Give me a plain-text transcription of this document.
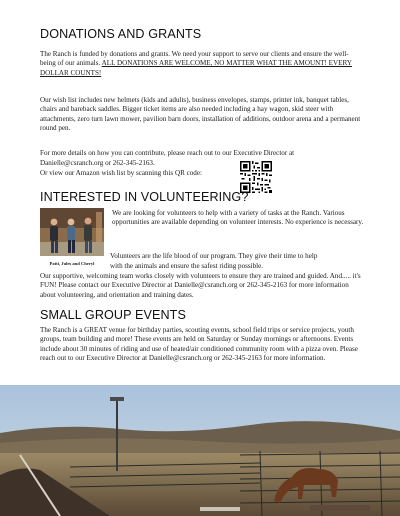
DONATIONS AND GRANTS

The Ranch is funded by donations and grants. We need your support to serve our clients and ensure the well-being of our animals. ALL DONATIONS ARE WELCOME, NO MATTER WHAT THE AMOUNT! EVERY DOLLAR COUNTS!

Our wish list includes new helmets (kids and adults), business envelopes, stamps, printer ink, banquet tables, chairs and bareback saddles. Bigger ticket items are also needed including a hay wagon, skid steer with attachments, zero turn lawn mower, pavilion barn doors, installation of additions, outdoor arena and a permanent round pen.

For more details on how you can contribute, please reach out to our Executive Director at

Danielle@csranch.org or 262-345-2163.

Or view our Amazon wish list by scanning this QR code:

INTERESTED IN VOLUNTEERING?
Patti, Jules and Cheryl

We are looking for volunteers to help with a variety of tasks at the Ranch. Various opportunities are available depending on volunteer interests. No experience is necessary.

Volunteers are the life blood of our program. They give their time to help

with the animals and ensure the safest riding possible.

Our supportive, welcoming team works closely with volunteers to ensure they are trained and guided. And..... it's FUN! Please contact our Executive Director at Danielle@csranch.org or 262-345-2163 for more information about volunteering, and orientation and training dates.

SMALL GROUP EVENTS

The Ranch is a GREAT venue for birthday parties, scouting events, school field trips or service projects, youth groups, team building and more! These events are held on Saturday or Sunday mornings or afternoons. Events include about 30 minutes of riding and use of heated/air conditioned community room with a pizza oven. Please reach out to our Executive Director at Danielle@csranch.org or 262-345-2163 for more information.
